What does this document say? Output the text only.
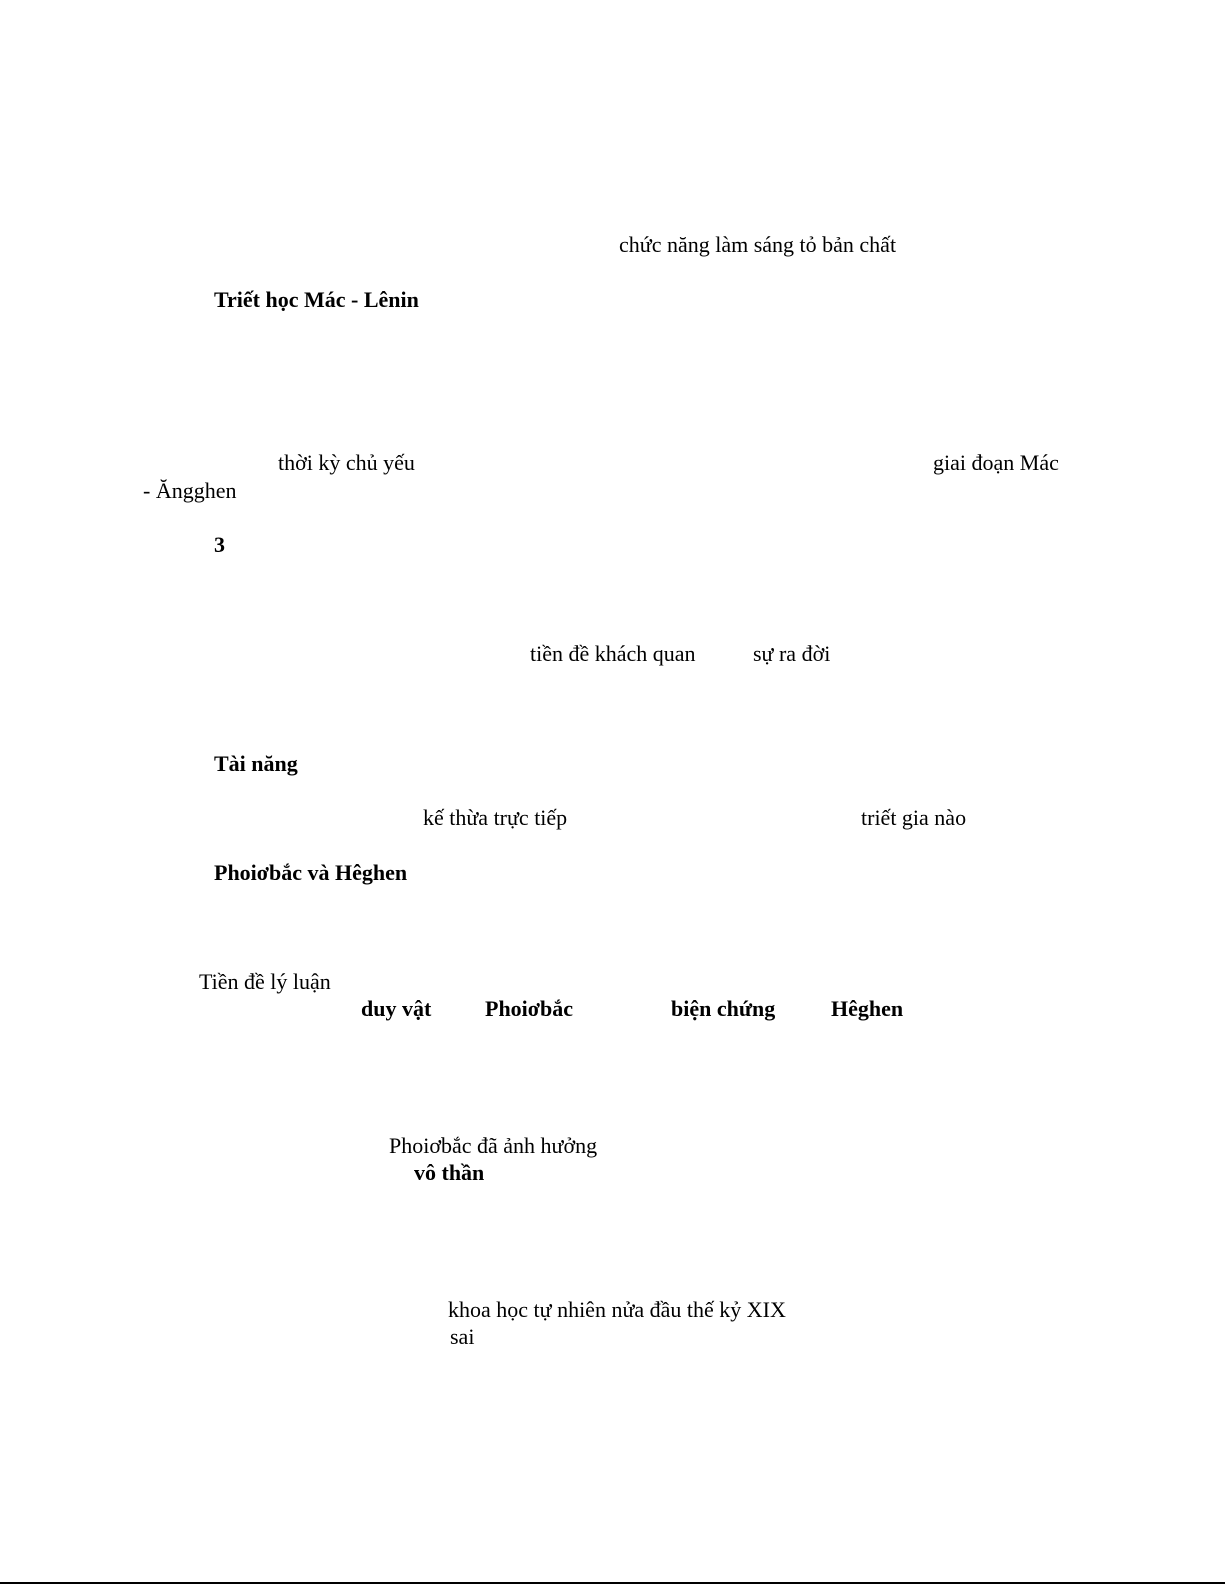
chức năng làm sáng tỏ bản chất
Triết học Mác - Lênin
thời kỳ chủ yếu	giai đoạn Mác
- Ăngghen
3
tiền đề khách quan	sự ra đời
Tài năng
kế thừa trực tiếp	triết gia nào
Phoiơbắc và Hêghen
Tiền đề lý luận
duy vật Phoiơbắc	biện chứng	Hêghen
Phoiơbắc đã ảnh hưởng
vô thần
khoa học tự nhiên nửa đầu thế kỷ XIX
sai
